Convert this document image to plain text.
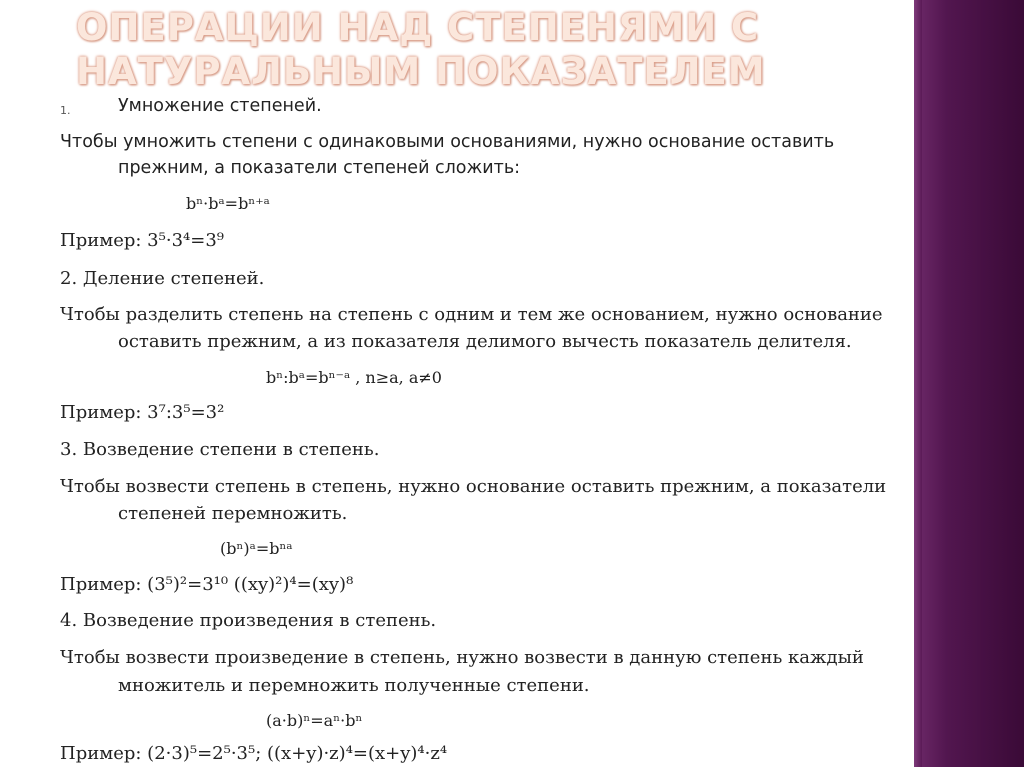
ОПЕРАЦИИ НАД СТЕПЕНЯМИ С НАТУРАЛЬНЫМ ПОКАЗАТЕЛЕМ
1.	Умножение степеней.

Чтобы умножить степени с одинаковыми основаниями, нужно основание оставить

прежним, а показатели степеней сложить:

bⁿ·bᵃ=bⁿ⁺ᵃ

Пример: 3⁵·3⁴=3⁹

2. Деление степеней.

Чтобы разделить степень на степень с одним и тем же основанием, нужно основание

оставить прежним, а из показателя делимого вычесть показатель делителя.

bⁿ:bᵃ=bⁿ⁻ᵃ , n≥a, a≠0

Пример: 3⁷:3⁵=3²

3. Возведение степени в степень.

Чтобы возвести степень в степень, нужно основание оставить прежним, а показатели

степеней перемножить.

(bⁿ)ᵃ=bⁿᵃ

Пример: (3⁵)²=3¹⁰ ((xy)²)⁴=(xy)⁸

4. Возведение произведения в степень.

Чтобы возвести произведение в степень, нужно возвести в данную степень каждый

множитель и перемножить полученные степени.

(a·b)ⁿ=aⁿ·bⁿ

Пример: (2·3)⁵=2⁵·3⁵; ((x+y)·z)⁴=(x+y)⁴·z⁴
